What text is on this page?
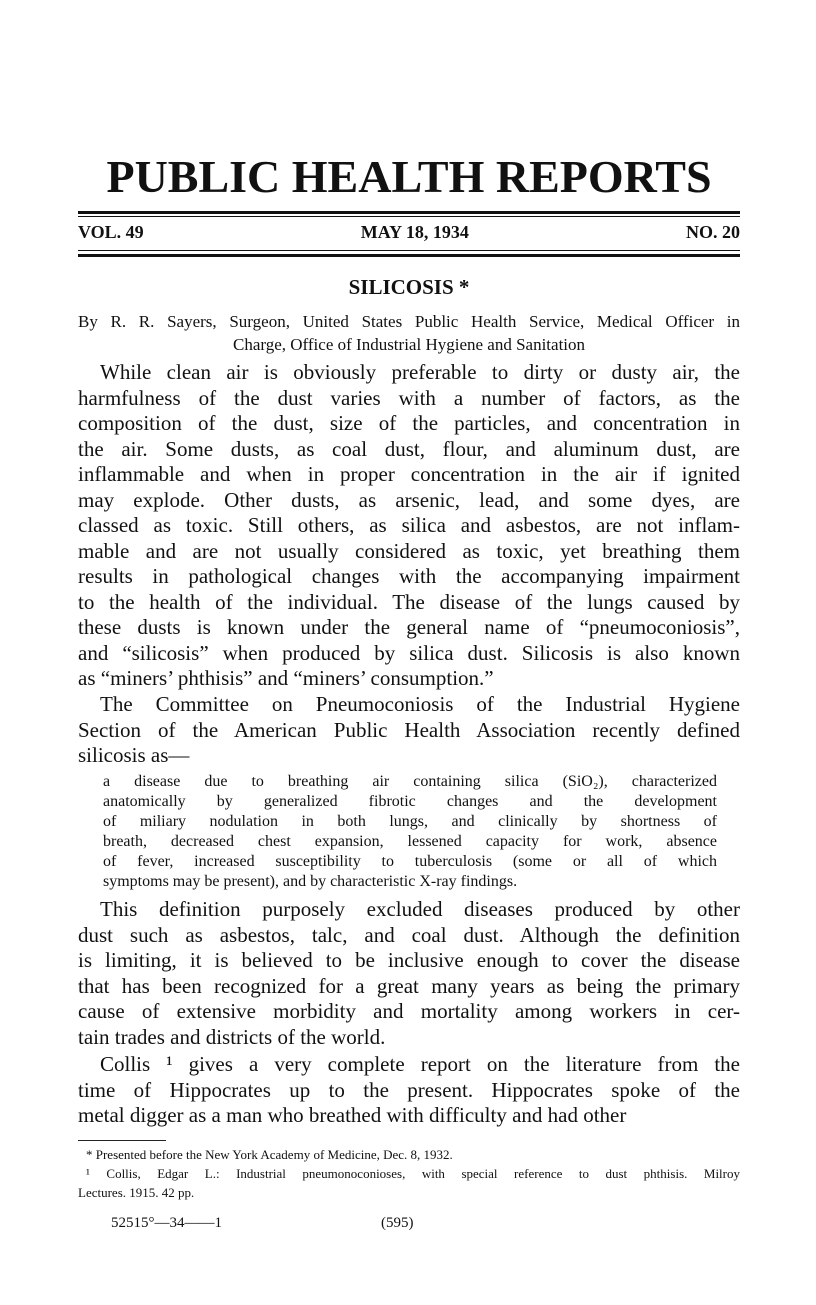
PUBLIC HEALTH REPORTS
VOL. 49	MAY 18, 1934	NO. 20
SILICOSIS *
By R. R. Sayers, Surgeon, United States Public Health Service, Medical Officer in
Charge, Office of Industrial Hygiene and Sanitation
While clean air is obviously preferable to dirty or dusty air, the
harmfulness of the dust varies with a number of factors, as the
composition of the dust, size of the particles, and concentration in
the air. Some dusts, as coal dust, flour, and aluminum dust, are
inflammable and when in proper concentration in the air if ignited
may explode. Other dusts, as arsenic, lead, and some dyes, are
classed as toxic. Still others, as silica and asbestos, are not inflam-
mable and are not usually considered as toxic, yet breathing them
results in pathological changes with the accompanying impairment
to the health of the individual. The disease of the lungs caused by
these dusts is known under the general name of “pneumoconiosis”,
and “silicosis” when produced by silica dust. Silicosis is also known
as “miners’ phthisis” and “miners’ consumption.”
The Committee on Pneumoconiosis of the Industrial Hygiene
Section of the American Public Health Association recently defined
silicosis as—
a disease due to breathing air containing silica (SiO₂), characterized
anatomically by generalized fibrotic changes and the development
of miliary nodulation in both lungs, and clinically by shortness of
breath, decreased chest expansion, lessened capacity for work, absence
of fever, increased susceptibility to tuberculosis (some or all of which
symptoms may be present), and by characteristic X-ray findings.
This definition purposely excluded diseases produced by other
dust such as asbestos, talc, and coal dust. Although the definition
is limiting, it is believed to be inclusive enough to cover the disease
that has been recognized for a great many years as being the primary
cause of extensive morbidity and mortality among workers in cer-
tain trades and districts of the world.
Collis ¹ gives a very complete report on the literature from the
time of Hippocrates up to the present. Hippocrates spoke of the
metal digger as a man who breathed with difficulty and had other
* Presented before the New York Academy of Medicine, Dec. 8, 1932.
¹ Collis, Edgar L.: Industrial pneumonoconioses, with special reference to dust phthisis. Milroy
Lectures. 1915. 42 pp.
52515°—34——1	(595)
